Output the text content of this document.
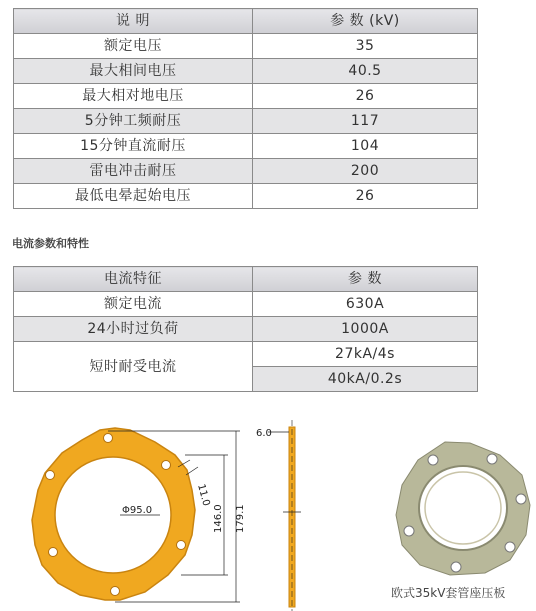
说 明	参 数 (kV)
额定电压	35
最大相间电压	40.5
最大相对地电压	26
5分钟工频耐压	117
15分钟直流耐压	104
雷电冲击耐压	200
最低电晕起始电压	26
电流参数和特性
电流特征	参 数
额定电流	630A
24小时过负荷	1000A
短时耐受电流	27kA/4s
	40kA/0.2s
Φ95.0
11.0
146.0 179.1
6.0
欧式35kV套管座压板
